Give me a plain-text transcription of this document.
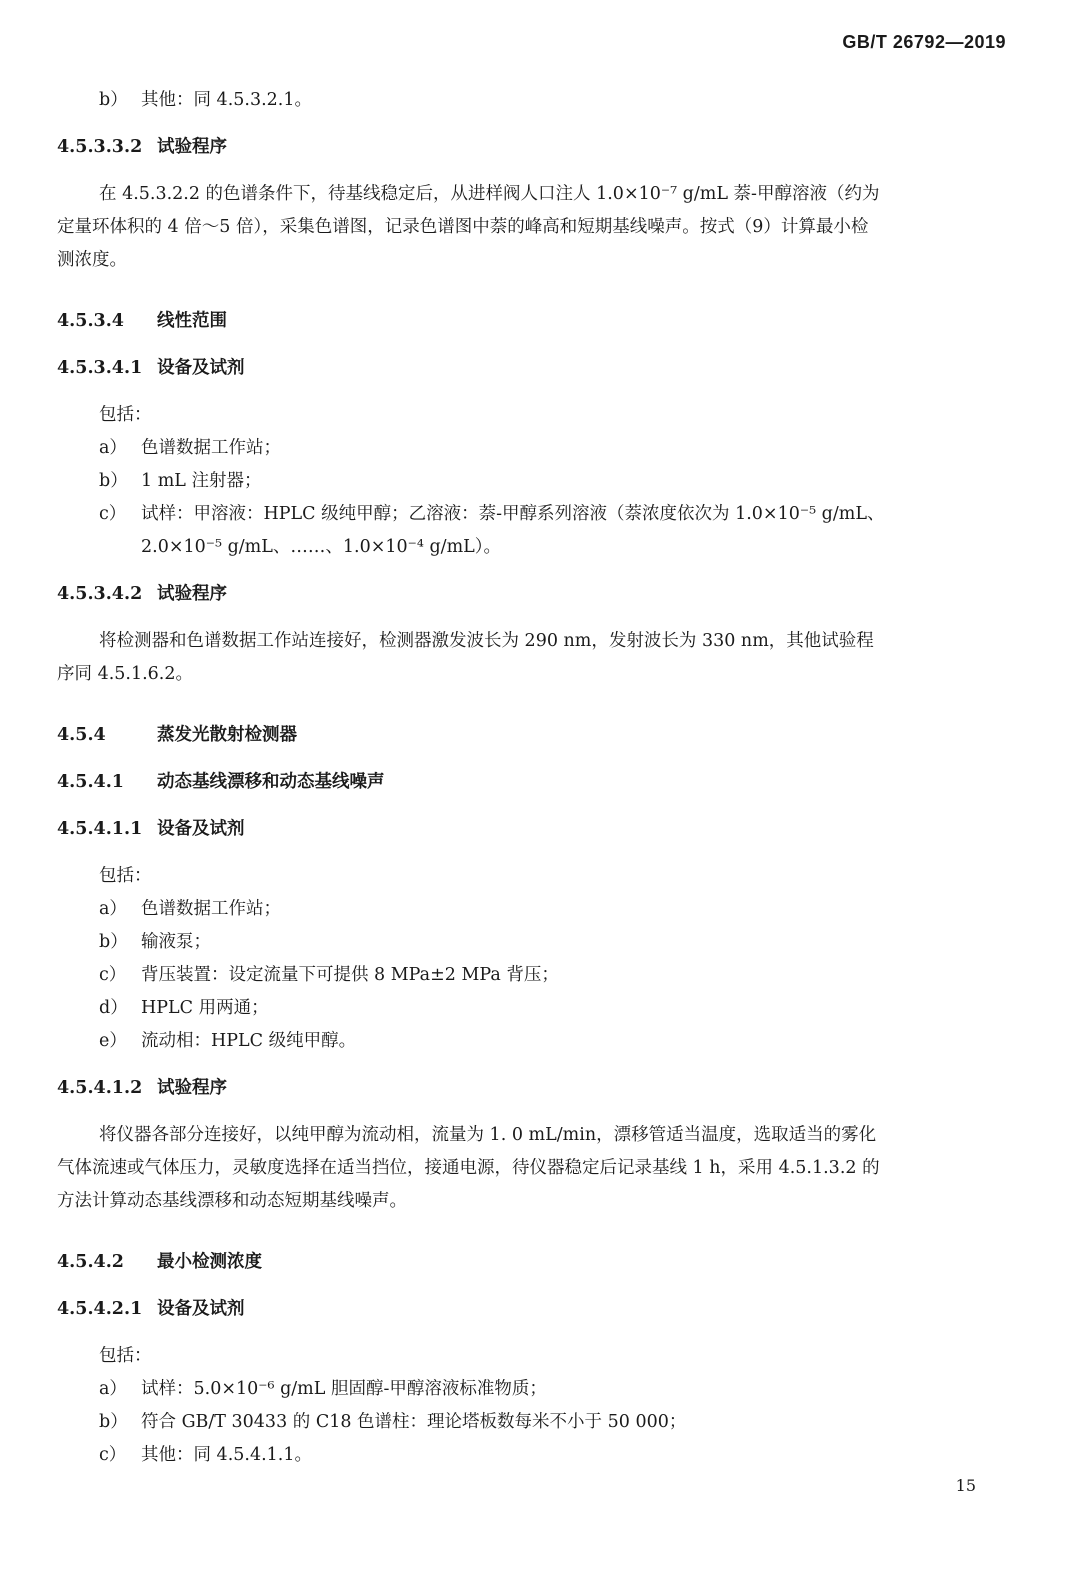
GB/T 26792—2019
b） 其他：同 4.5.3.2.1。
4.5.3.3.2 试验程序
在 4.5.3.2.2 的色谱条件下，待基线稳定后，从进样阀人口注人 1.0×10⁻⁷ g/mL 萘-甲醇溶液（约为
定量环体积的 4 倍～5 倍），采集色谱图，记录色谱图中萘的峰高和短期基线噪声。按式（9）计算最小检
测浓度。
4.5.3.4 线性范围
4.5.3.4.1 设备及试剂
包括：
a） 色谱数据工作站；
b） 1 mL 注射器；
c） 试样：甲溶液：HPLC 级纯甲醇；乙溶液：萘-甲醇系列溶液（萘浓度依次为 1.0×10⁻⁵ g/mL、
2.0×10⁻⁵ g/mL、……、1.0×10⁻⁴ g/mL）。
4.5.3.4.2 试验程序
将检测器和色谱数据工作站连接好，检测器激发波长为 290 nm，发射波长为 330 nm，其他试验程
序同 4.5.1.6.2。
4.5.4	蒸发光散射检测器
4.5.4.1 动态基线漂移和动态基线噪声
4.5.4.1.1 设备及试剂
包括：
a） 色谱数据工作站；
b） 输液泵；
c） 背压装置：设定流量下可提供 8 MPa±2 MPa 背压；
d） HPLC 用两通；
e） 流动相：HPLC 级纯甲醇。
4.5.4.1.2 试验程序
将仪器各部分连接好，以纯甲醇为流动相，流量为 1. 0 mL/min，漂移管适当温度，选取适当的雾化
气体流速或气体压力，灵敏度选择在适当挡位，接通电源，待仪器稳定后记录基线 1 h，采用 4.5.1.3.2 的
方法计算动态基线漂移和动态短期基线噪声。
4.5.4.2 最小检测浓度
4.5.4.2.1 设备及试剂
包括：
a） 试样：5.0×10⁻⁶ g/mL 胆固醇-甲醇溶液标准物质；
b） 符合 GB/T 30433 的 C18 色谱柱：理论塔板数每米不小于 50 000；
c） 其他：同 4.5.4.1.1。
15
